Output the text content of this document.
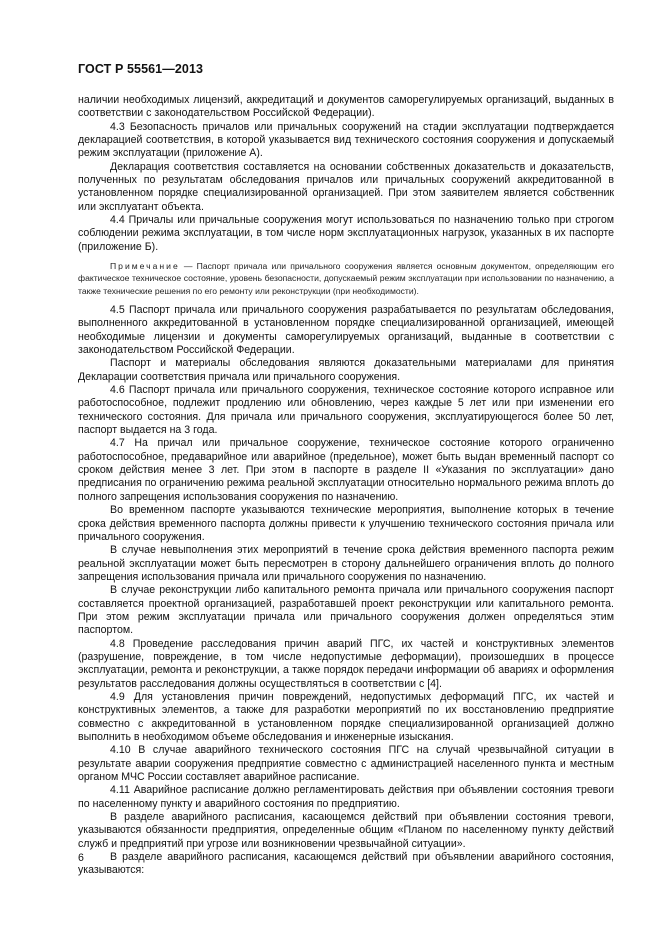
ГОСТ Р 55561—2013

наличии необходимых лицензий, аккредитаций и документов саморегулируемых организаций, выданных в соответствии с законодательством Российской Федерации).

4.3 Безопасность причалов или причальных сооружений на стадии эксплуатации подтверждается декларацией соответствия, в которой указывается вид технического состояния сооружения и допускаемый режим эксплуатации (приложение А).

Декларация соответствия составляется на основании собственных доказательств и доказательств, полученных по результатам обследования причалов или причальных сооружений аккредитованной в установленном порядке специализированной организацией. При этом заявителем является собственник или эксплуатант объекта.

4.4 Причалы или причальные сооружения могут использоваться по назначению только при строгом соблюдении режима эксплуатации, в том числе норм эксплуатационных нагрузок, указанных в их паспорте (приложение Б).

Примечание — Паспорт причала или причального сооружения является основным документом, определяющим его фактическое техническое состояние, уровень безопасности, допускаемый режим эксплуатации при использовании по назначению, а также технические решения по его ремонту или реконструкции (при необходимости).

4.5 Паспорт причала или причального сооружения разрабатывается по результатам обследования, выполненного аккредитованной в установленном порядке специализированной организацией, имеющей необходимые лицензии и документы саморегулируемых организаций, выданные в соответствии с законодательством Российской Федерации.

Паспорт и материалы обследования являются доказательными материалами для принятия Декларации соответствия причала или причального сооружения.

4.6 Паспорт причала или причального сооружения, техническое состояние которого исправное или работоспособное, подлежит продлению или обновлению, через каждые 5 лет или при изменении его технического состояния. Для причала или причального сооружения, эксплуатирующегося более 50 лет, паспорт выдается на 3 года.

4.7 На причал или причальное сооружение, техническое состояние которого ограниченно работоспособное, предаварийное или аварийное (предельное), может быть выдан временный паспорт со сроком действия менее 3 лет. При этом в паспорте в разделе II «Указания по эксплуатации» дано предписания по ограничению режима реальной эксплуатации относительно нормального режима вплоть до полного запрещения использования сооружения по назначению.

Во временном паспорте указываются технические мероприятия, выполнение которых в течение срока действия временного паспорта должны привести к улучшению технического состояния причала или причального сооружения.

В случае невыполнения этих мероприятий в течение срока действия временного паспорта режим реальной эксплуатации может быть пересмотрен в сторону дальнейшего ограничения вплоть до полного запрещения использования причала или причального сооружения по назначению.

В случае реконструкции либо капитального ремонта причала или причального сооружения паспорт составляется проектной организацией, разработавшей проект реконструкции или капитального ремонта. При этом режим эксплуатации причала или причального сооружения должен определяться этим паспортом.

4.8 Проведение расследования причин аварий ПГС, их частей и конструктивных элементов (разрушение, повреждение, в том числе недопустимые деформации), произошедших в процессе эксплуатации, ремонта и реконструкции, а также порядок передачи информации об авариях и оформления результатов расследования должны осуществляться в соответствии с [4].

4.9 Для установления причин повреждений, недопустимых деформаций ПГС, их частей и конструктивных элементов, а также для разработки мероприятий по их восстановлению предприятие совместно с аккредитованной в установленном порядке специализированной организацией должно выполнить в необходимом объеме обследования и инженерные изыскания.

4.10 В случае аварийного технического состояния ПГС на случай чрезвычайной ситуации в результате аварии сооружения предприятие совместно с администрацией населенного пункта и местным органом МЧС России составляет аварийное расписание.

4.11 Аварийное расписание должно регламентировать действия при объявлении состояния тревоги по населенному пункту и аварийного состояния по предприятию.

В разделе аварийного расписания, касающемся действий при объявлении состояния тревоги, указываются обязанности предприятия, определенные общим «Планом по населенному пункту действий служб и предприятий при угрозе или возникновении чрезвычайной ситуации».

В разделе аварийного расписания, касающемся действий при объявлении аварийного состояния, указываются:

6
